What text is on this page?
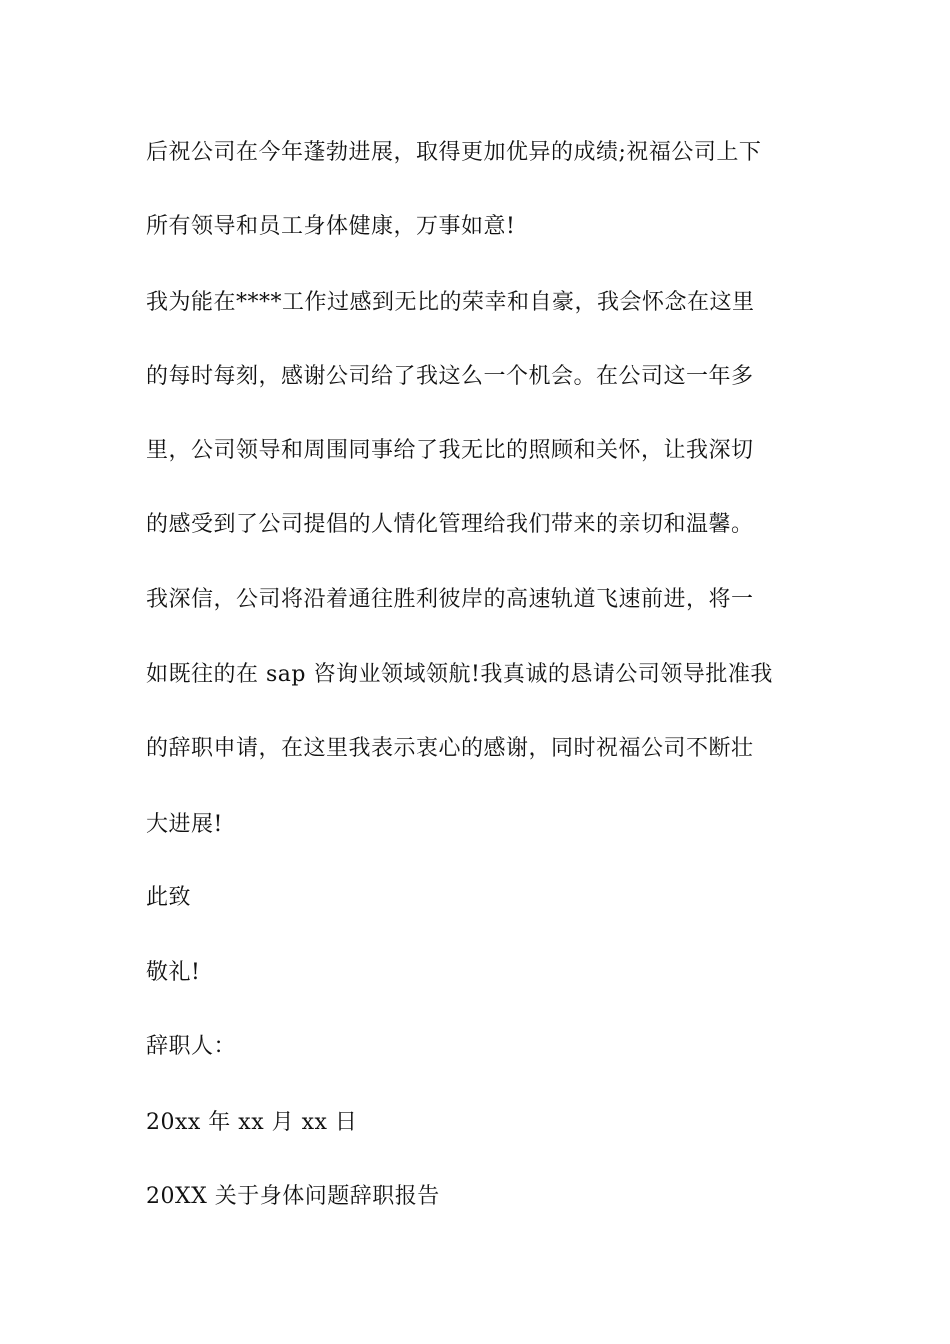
后祝公司在今年蓬勃进展，取得更加优异的成绩;祝福公司上下
所有领导和员工身体健康，万事如意!
我为能在****工作过感到无比的荣幸和自豪，我会怀念在这里
的每时每刻，感谢公司给了我这么一个机会。在公司这一年多
里，公司领导和周围同事给了我无比的照顾和关怀，让我深切
的感受到了公司提倡的人情化管理给我们带来的亲切和温馨。
我深信，公司将沿着通往胜利彼岸的高速轨道飞速前进，将一
如既往的在 sap 咨询业领域领航!我真诚的恳请公司领导批准我
的辞职申请，在这里我表示衷心的感谢，同时祝福公司不断壮
大进展!
此致
敬礼!
辞职人：
20xx 年 xx 月 xx 日
20XX 关于身体问题辞职报告
